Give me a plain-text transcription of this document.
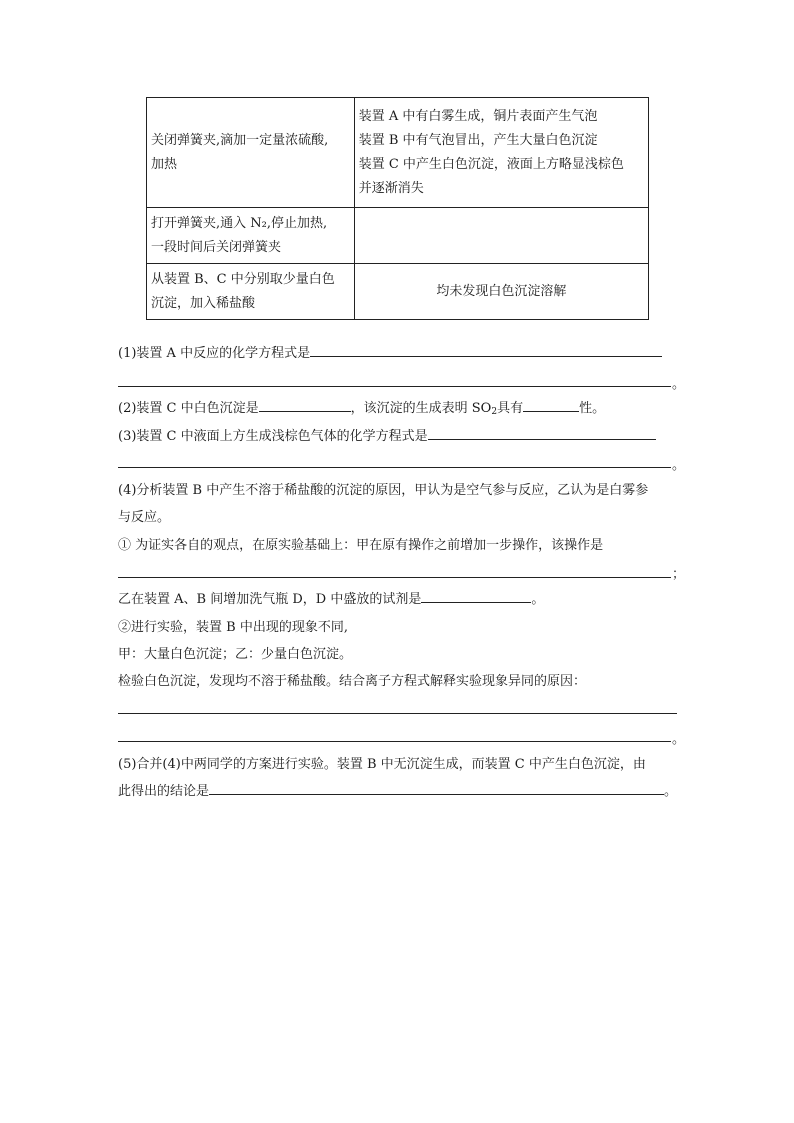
关闭弹簧夹,滴加一定量浓硫酸,
加热	装置 A 中有白雾生成，铜片表面产生气泡
装置 B 中有气泡冒出，产生大量白色沉淀
装置 C 中产生白色沉淀，液面上方略显浅棕色
并逐渐消失

打开弹簧夹,通入 N₂,停止加热,
一段时间后关闭弹簧夹	

从装置 B、C 中分别取少量白色
沉淀，加入稀盐酸	均未发现白色沉淀溶解
(1)装置 A 中反应的化学方程式是
。
(2)装置 C 中白色沉淀是	，该沉淀的生成表明 $SO_2$具有	性。
(3)装置 C 中液面上方生成浅棕色气体的化学方程式是
。
(4)分析装置 B 中产生不溶于稀盐酸的沉淀的原因，甲认为是空气参与反应，乙认为是白雾参
与反应。
① 为证实各自的观点，在原实验基础上：甲在原有操作之前增加一步操作，该操作是
；
乙在装置 A、B 间增加洗气瓶 D，D 中盛放的试剂是	。
②进行实验，装置 B 中出现的现象不同,
甲：大量白色沉淀；乙：少量白色沉淀。
检验白色沉淀，发现均不溶于稀盐酸。结合离子方程式解释实验现象异同的原因：
。
(5)合并(4)中两同学的方案进行实验。装置 B 中无沉淀生成，而装置 C 中产生白色沉淀，由
此得出的结论是	。
